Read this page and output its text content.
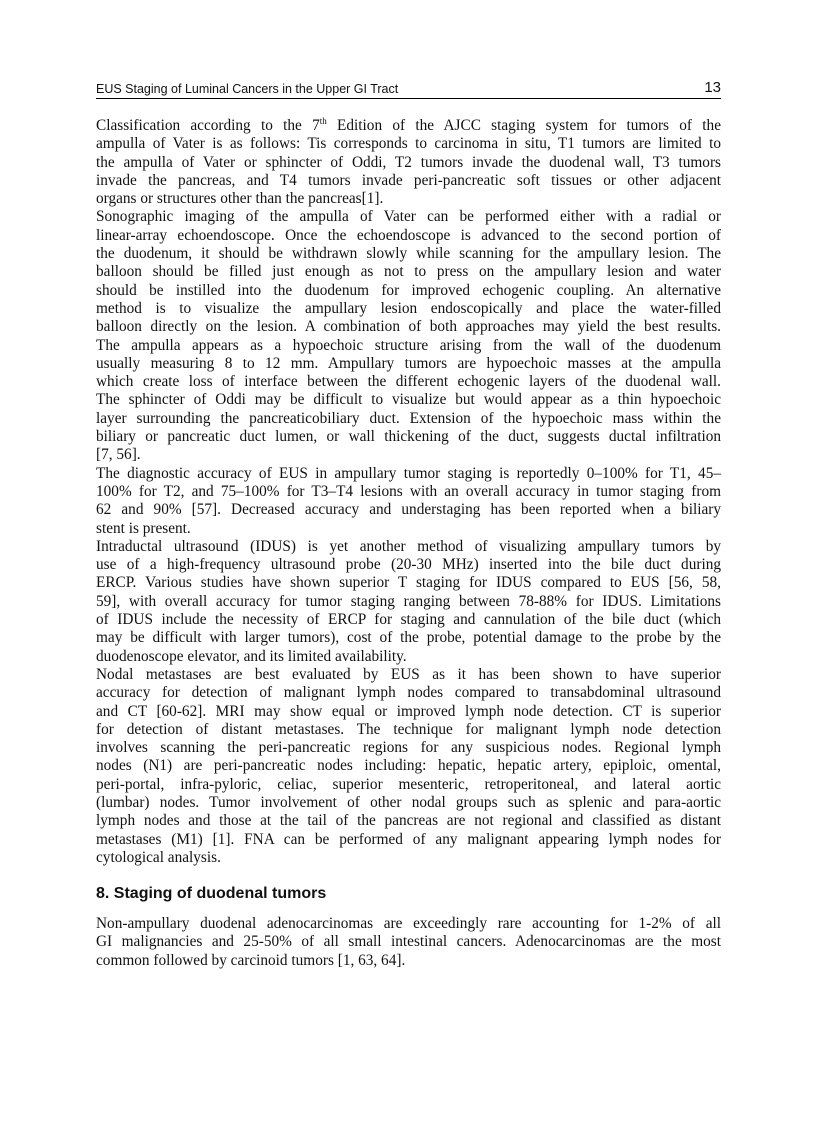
EUS Staging of Luminal Cancers in the Upper GI Tract	13
Classification according to the 7th Edition of the AJCC staging system for tumors of the
ampulla of Vater is as follows: Tis corresponds to carcinoma in situ, T1 tumors are limited to
the ampulla of Vater or sphincter of Oddi, T2 tumors invade the duodenal wall, T3 tumors
invade the pancreas, and T4 tumors invade peri-pancreatic soft tissues or other adjacent
organs or structures other than the pancreas[1].
Sonographic imaging of the ampulla of Vater can be performed either with a radial or
linear-array echoendoscope. Once the echoendoscope is advanced to the second portion of
the duodenum, it should be withdrawn slowly while scanning for the ampullary lesion. The
balloon should be filled just enough as not to press on the ampullary lesion and water
should be instilled into the duodenum for improved echogenic coupling. An alternative
method is to visualize the ampullary lesion endoscopically and place the water-filled
balloon directly on the lesion. A combination of both approaches may yield the best results.
The ampulla appears as a hypoechoic structure arising from the wall of the duodenum
usually measuring 8 to 12 mm. Ampullary tumors are hypoechoic masses at the ampulla
which create loss of interface between the different echogenic layers of the duodenal wall.
The sphincter of Oddi may be difficult to visualize but would appear as a thin hypoechoic
layer surrounding the pancreaticobiliary duct. Extension of the hypoechoic mass within the
biliary or pancreatic duct lumen, or wall thickening of the duct, suggests ductal infiltration
[7, 56].
The diagnostic accuracy of EUS in ampullary tumor staging is reportedly 0–100% for T1, 45–
100% for T2, and 75–100% for T3–T4 lesions with an overall accuracy in tumor staging from
62 and 90% [57]. Decreased accuracy and understaging has been reported when a biliary
stent is present.
Intraductal ultrasound (IDUS) is yet another method of visualizing ampullary tumors by
use of a high-frequency ultrasound probe (20-30 MHz) inserted into the bile duct during
ERCP. Various studies have shown superior T staging for IDUS compared to EUS [56, 58,
59], with overall accuracy for tumor staging ranging between 78-88% for IDUS. Limitations
of IDUS include the necessity of ERCP for staging and cannulation of the bile duct (which
may be difficult with larger tumors), cost of the probe, potential damage to the probe by the
duodenoscope elevator, and its limited availability.
Nodal metastases are best evaluated by EUS as it has been shown to have superior
accuracy for detection of malignant lymph nodes compared to transabdominal ultrasound
and CT [60-62]. MRI may show equal or improved lymph node detection. CT is superior
for detection of distant metastases. The technique for malignant lymph node detection
involves scanning the peri-pancreatic regions for any suspicious nodes. Regional lymph
nodes (N1) are peri-pancreatic nodes including: hepatic, hepatic artery, epiploic, omental,
peri-portal, infra-pyloric, celiac, superior mesenteric, retroperitoneal, and lateral aortic
(lumbar) nodes. Tumor involvement of other nodal groups such as splenic and para-aortic
lymph nodes and those at the tail of the pancreas are not regional and classified as distant
metastases (M1) [1]. FNA can be performed of any malignant appearing lymph nodes for
cytological analysis.
8. Staging of duodenal tumors
Non-ampullary duodenal adenocarcinomas are exceedingly rare accounting for 1-2% of all
GI malignancies and 25-50% of all small intestinal cancers. Adenocarcinomas are the most
common followed by carcinoid tumors [1, 63, 64].
